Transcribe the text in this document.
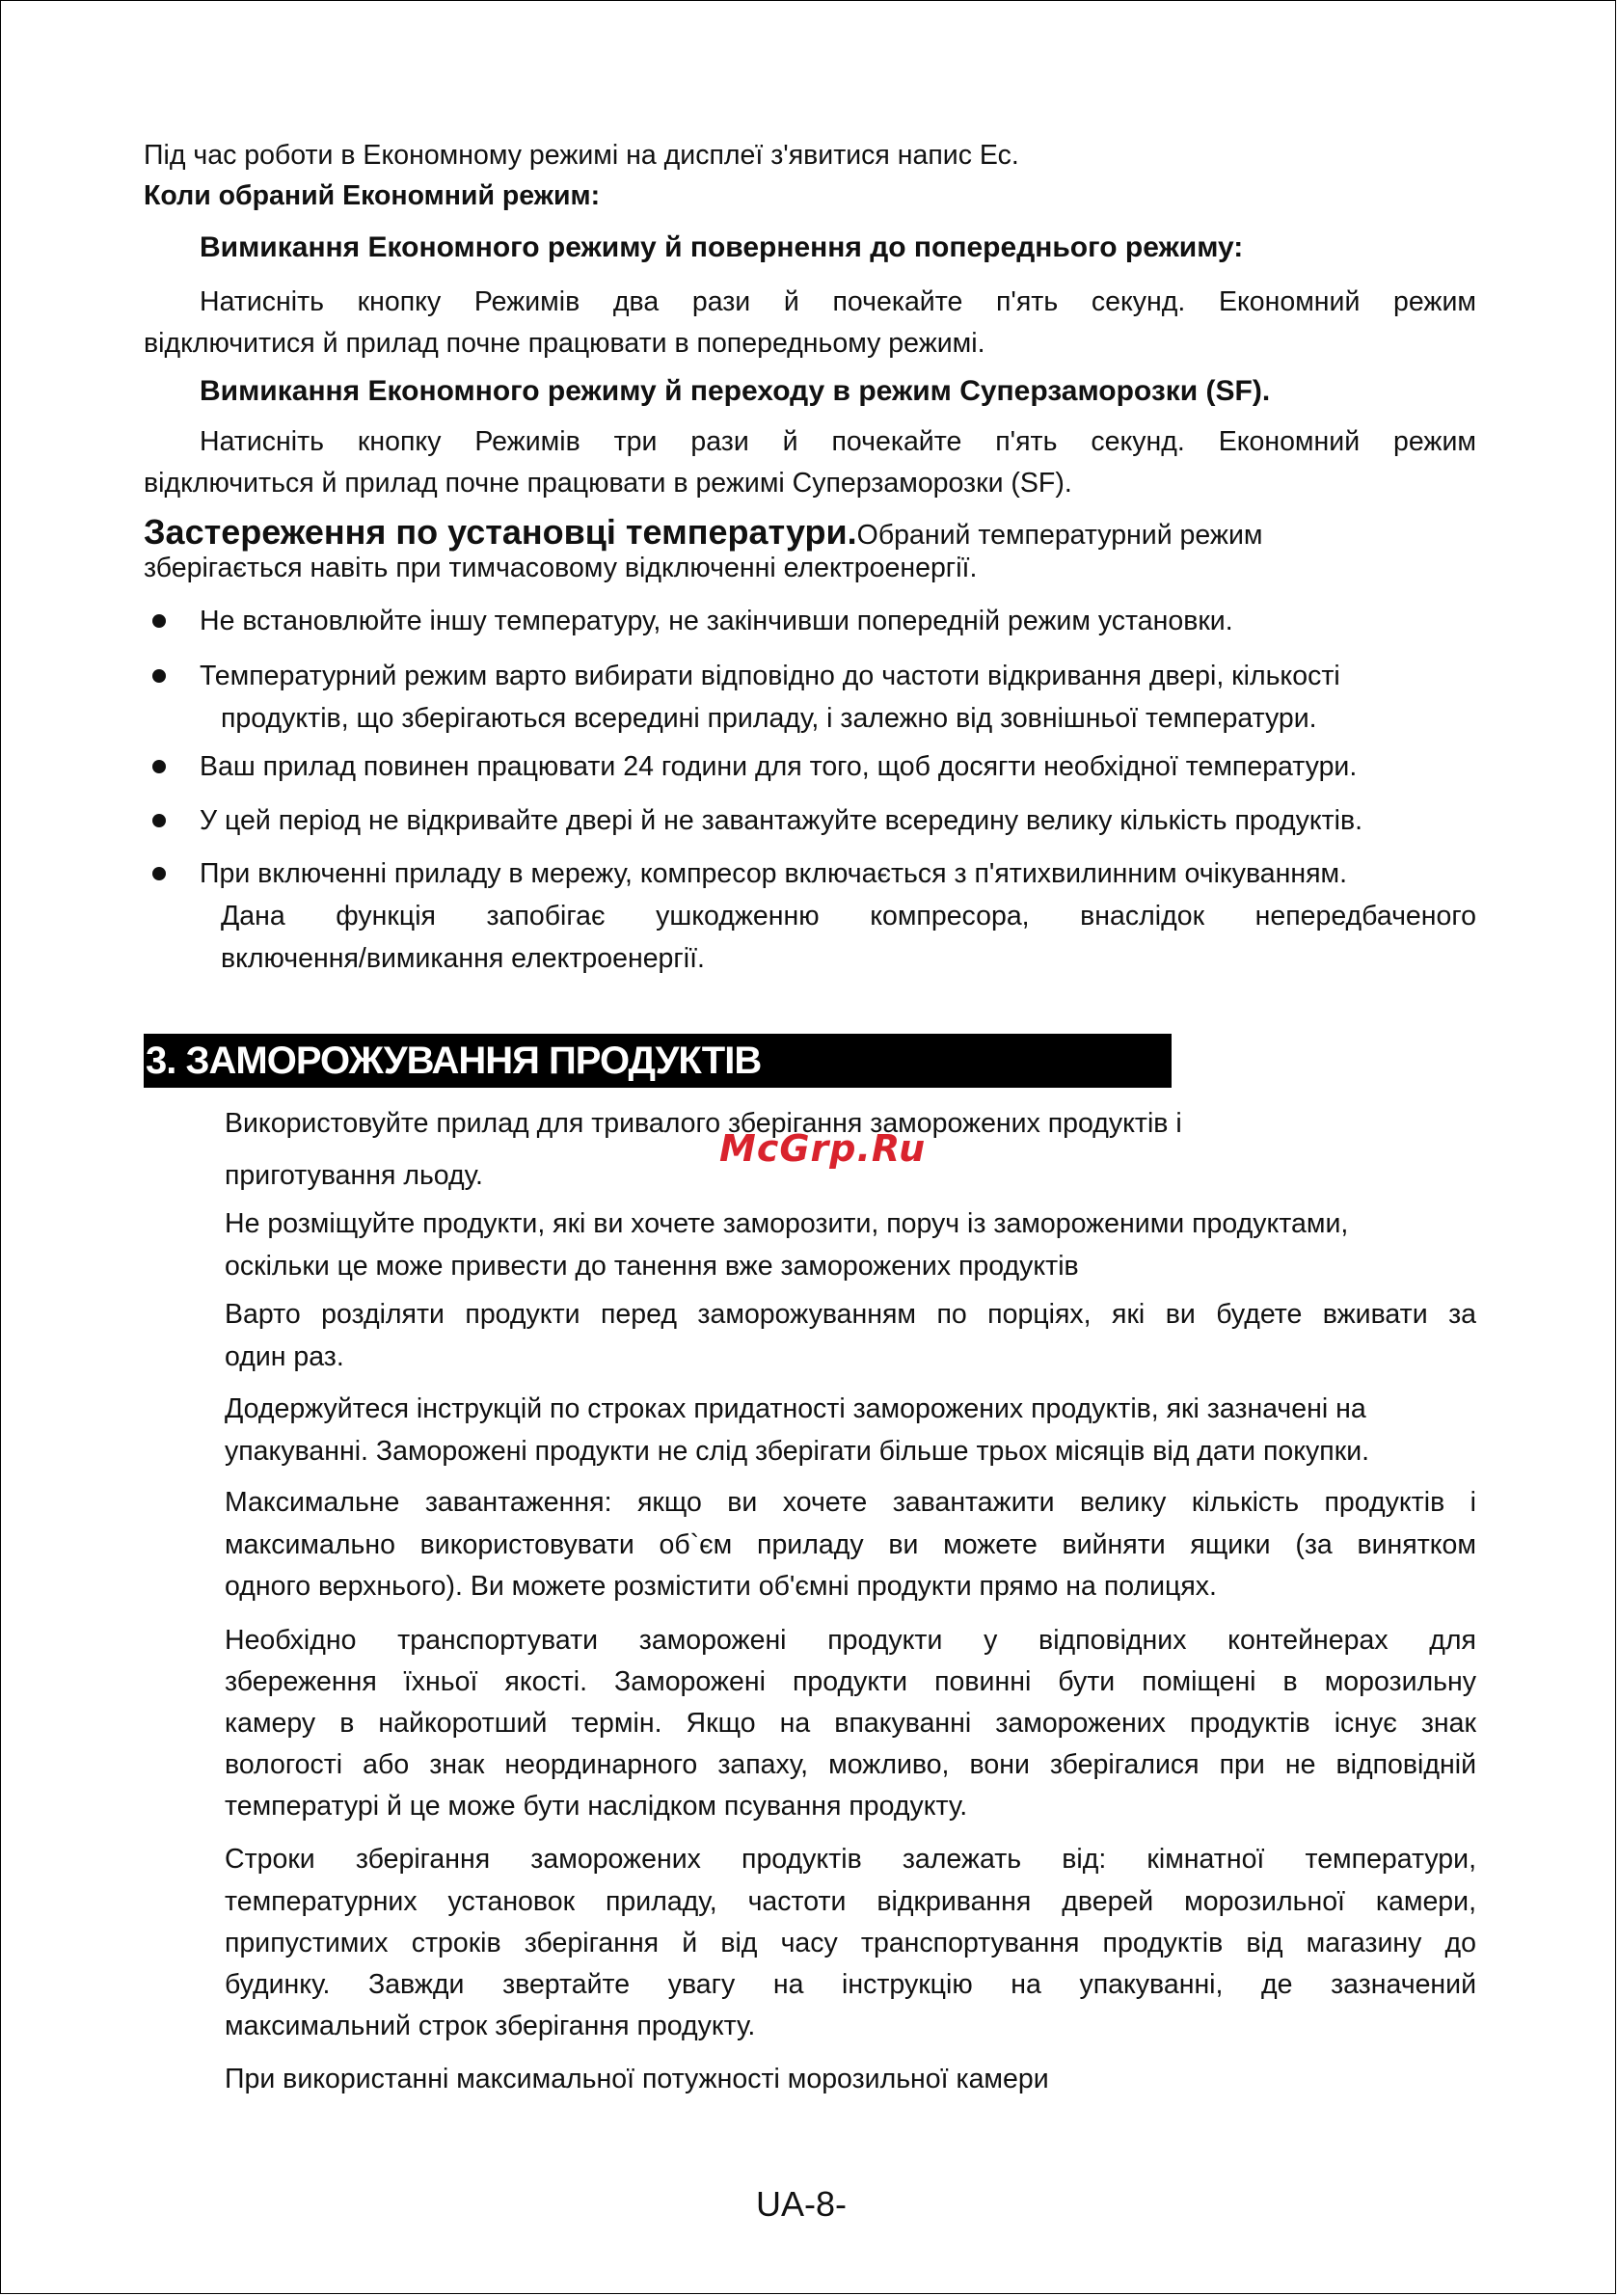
Під час роботи в Економному режимі на дисплеї з'явитися напис Ес.
Коли обраний Економний режим:
Вимикання Економного режиму й повернення до попереднього режиму:
Натисніть кнопку Режимів два рази й почекайте п'ять секунд. Економний режим
відключитися й прилад почне працювати в попередньому режимі.
Вимикання Економного режиму й переходу в режим Суперзаморозки (SF).
Натисніть кнопку Режимів три рази й почекайте п'ять секунд. Економний режим
відключиться й прилад почне працювати в режимі Суперзаморозки (SF).
Застереження по установці температури.Обраний температурний режим
зберігається навіть при тимчасовому відключенні електроенергії.
Не встановлюйте іншу температуру, не закінчивши попередній режим установки.
Температурний режим варто вибирати відповідно до частоти відкривання двері, кількості
продуктів, що зберігаються всередині приладу, і залежно від зовнішньої температури.
Ваш прилад повинен працювати 24 години для того, щоб досягти необхідної температури.
У цей період не відкривайте двері й не завантажуйте всередину велику кількість продуктів.
При включенні приладу в мережу, компресор включається з п'ятихвилинним очікуванням.
Дана функція запобігає ушкодженню компресора, внаслідок непередбаченого
включення/вимикання електроенергії.
3. ЗАМОРОЖУВАННЯ ПРОДУКТІВ
McGrp.Ru
Використовуйте прилад для тривалого зберігання заморожених продуктів і
приготування льоду.
Не розміщуйте продукти, які ви хочете заморозити, поруч із замороженими продуктами,
оскільки це може привести до танення вже заморожених продуктів
Варто розділяти продукти перед заморожуванням по порціях, які ви будете вживати за
один раз.
Додержуйтеся інструкцій по строках придатності заморожених продуктів, які зазначені на
упакуванні. Заморожені продукти не слід зберігати більше трьох місяців від дати покупки.
Максимальне завантаження: якщо ви хочете завантажити велику кількість продуктів і
максимально використовувати об`єм приладу ви можете вийняти ящики (за винятком
одного верхнього). Ви можете розмістити об'ємні продукти прямо на полицях.
Необхідно транспортувати заморожені продукти у відповідних контейнерах для
збереження їхньої якості. Заморожені продукти повинні бути поміщені в морозильну
камеру в найкоротший термін. Якщо на впакуванні заморожених продуктів існує знак
вологості або знак неординарного запаху, можливо, вони зберігалися при не відповідній
температурі й це може бути наслідком псування продукту.
Строки зберігання заморожених продуктів залежать від: кімнатної температури,
температурних установок приладу, частоти відкривання дверей морозильної камери,
припустимих строків зберігання й від часу транспортування продуктів від магазину до
будинку. Завжди звертайте увагу на інструкцію на упакуванні, де зазначений
максимальний строк зберігання продукту.
При використанні максимальної потужності морозильної камери
UA-8-
